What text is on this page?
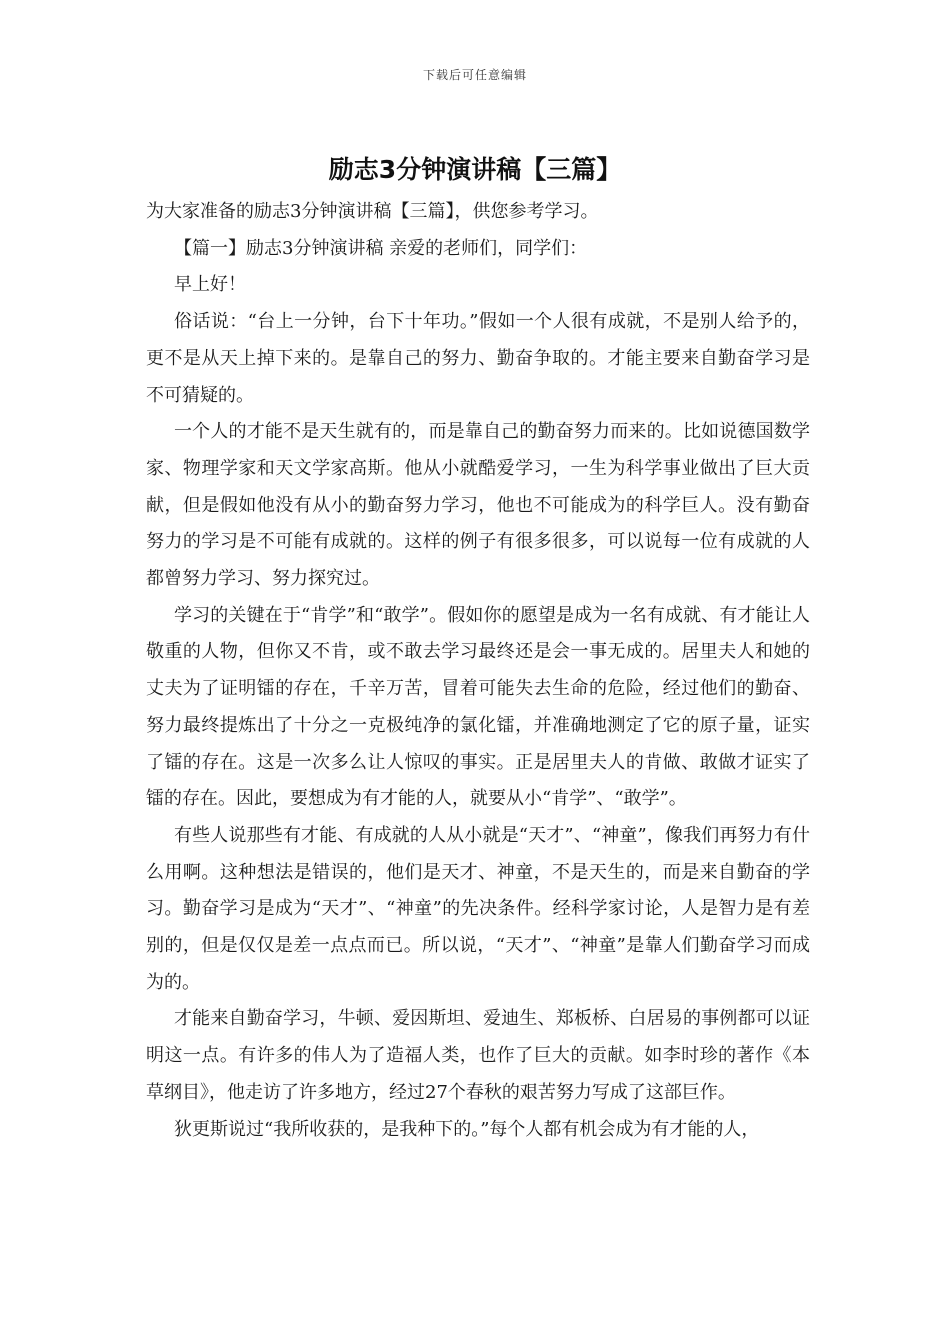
下载后可任意编辑
励志3分钟演讲稿【三篇】

为大家准备的励志3分钟演讲稿【三篇】，供您参考学习。

【篇一】励志3分钟演讲稿 亲爱的老师们，同学们：

早上好！

俗话说：“台上一分钟，台下十年功。”假如一个人很有成就，不是别人给予的，更不是从天上掉下来的。是靠自己的努力、勤奋争取的。才能主要来自勤奋学习是不可猜疑的。

一个人的才能不是天生就有的，而是靠自己的勤奋努力而来的。比如说德国数学家、物理学家和天文学家高斯。他从小就酷爱学习，一生为科学事业做出了巨大贡献，但是假如他没有从小的勤奋努力学习，他也不可能成为的科学巨人。没有勤奋努力的学习是不可能有成就的。这样的例子有很多很多，可以说每一位有成就的人都曾努力学习、努力探究过。

学习的关键在于“肯学”和“敢学”。假如你的愿望是成为一名有成就、有才能让人敬重的人物，但你又不肯，或不敢去学习最终还是会一事无成的。居里夫人和她的丈夫为了证明镭的存在，千辛万苦，冒着可能失去生命的危险，经过他们的勤奋、努力最终提炼出了十分之一克极纯净的氯化镭，并准确地测定了它的原子量，证实了镭的存在。这是一次多么让人惊叹的事实。正是居里夫人的肯做、敢做才证实了镭的存在。因此，要想成为有才能的人，就要从小“肯学”、“敢学”。

有些人说那些有才能、有成就的人从小就是“天才”、“神童”，像我们再努力有什么用啊。这种想法是错误的，他们是天才、神童，不是天生的，而是来自勤奋的学习。勤奋学习是成为“天才”、“神童”的先决条件。经科学家讨论，人是智力是有差别的，但是仅仅是差一点点而已。所以说，“天才”、“神童”是靠人们勤奋学习而成为的。

才能来自勤奋学习，牛顿、爱因斯坦、爱迪生、郑板桥、白居易的事例都可以证明这一点。有许多的伟人为了造福人类，也作了巨大的贡献。如李时珍的著作《本草纲目》，他走访了许多地方，经过27个春秋的艰苦努力写成了这部巨作。

狄更斯说过“我所收获的，是我种下的。”每个人都有机会成为有才能的人，
